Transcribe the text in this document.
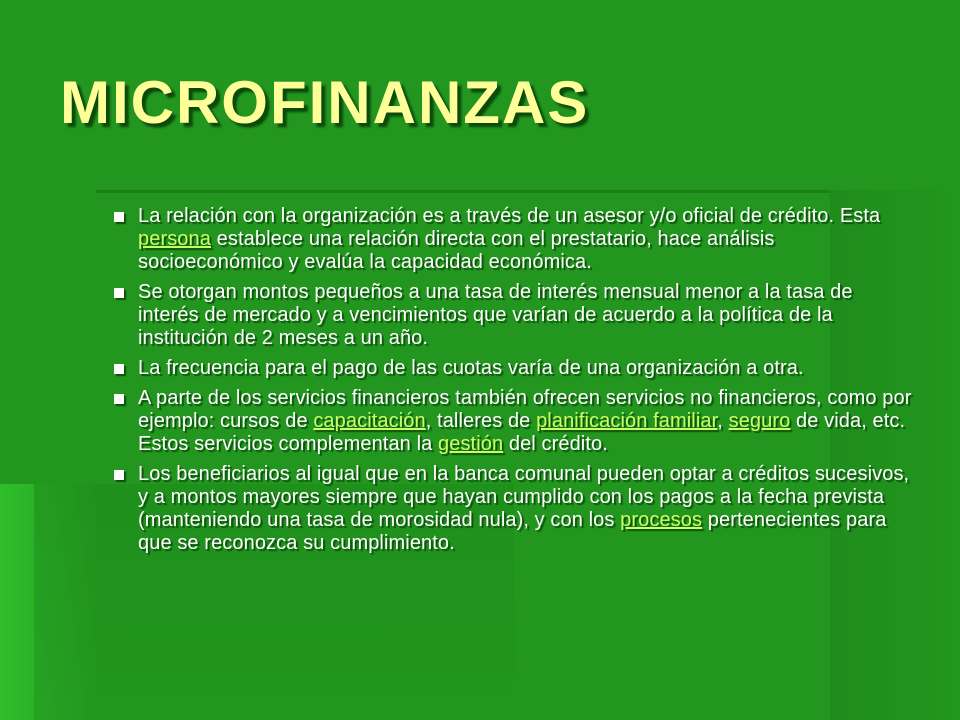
MICROFINANZAS
La relación con la organización es a través de un asesor y/o oficial de crédito. Esta persona establece una relación directa con el prestatario, hace análisis socioeconómico y evalúa la capacidad económica.
Se otorgan montos pequeños a una tasa de interés mensual menor a la tasa de interés de mercado y a vencimientos que varían de acuerdo a la política de la institución de 2 meses a un año.
La frecuencia para el pago de las cuotas varía de una organización a otra.
A parte de los servicios financieros también ofrecen servicios no financieros, como por ejemplo: cursos de capacitación, talleres de planificación familiar, seguro de vida, etc. Estos servicios complementan la gestión del crédito.
Los beneficiarios al igual que en la banca comunal pueden optar a créditos sucesivos, y a montos mayores siempre que hayan cumplido con los pagos a la fecha prevista (manteniendo una tasa de morosidad nula), y con los procesos pertenecientes para que se reconozca su cumplimiento.
